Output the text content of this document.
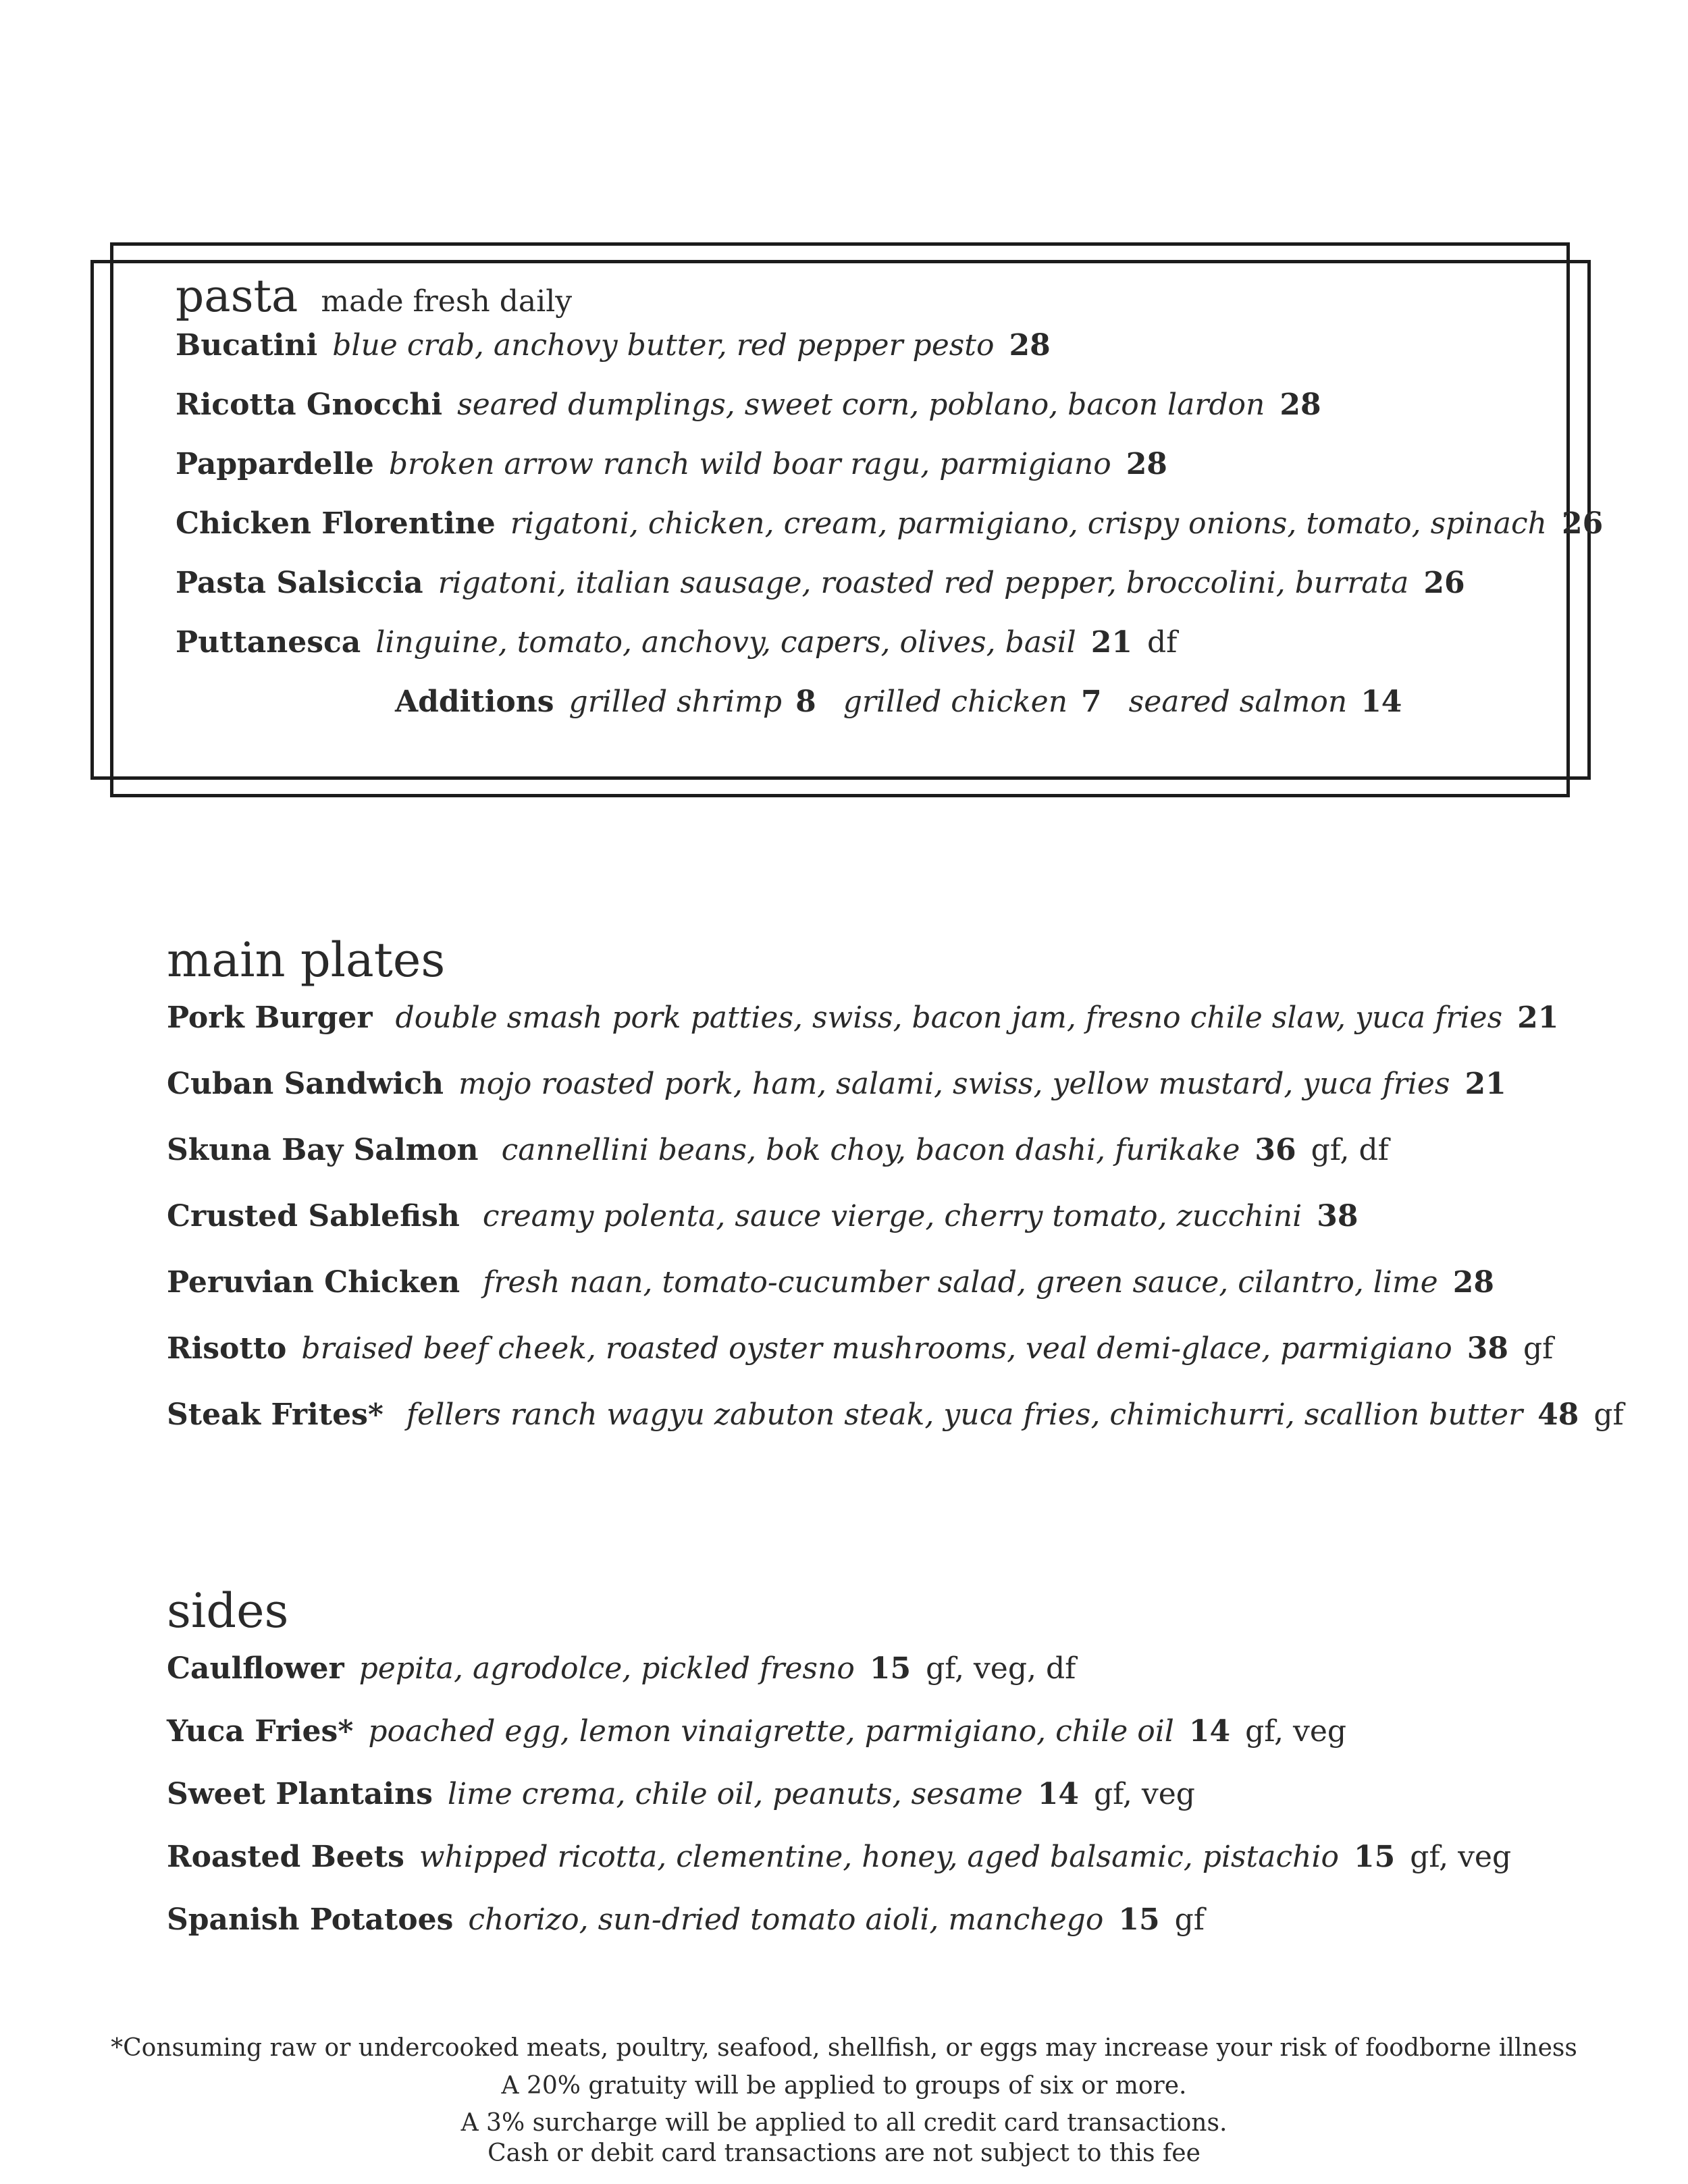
pasta made fresh daily
Bucatini blue crab, anchovy butter, red pepper pesto 28
Ricotta Gnocchi seared dumplings, sweet corn, poblano, bacon lardon 28
Pappardelle broken arrow ranch wild boar ragu, parmigiano 28
Chicken Florentine rigatoni, chicken, cream, parmigiano, crispy onions, tomato, spinach 26
Pasta Salsiccia rigatoni, italian sausage, roasted red pepper, broccolini, burrata 26
Puttanesca linguine, tomato, anchovy, capers, olives, basil 21 df
Additions grilled shrimp 8 grilled chicken 7 seared salmon 14
main plates
Pork Burger double smash pork patties, swiss, bacon jam, fresno chile slaw, yuca fries 21
Cuban Sandwich mojo roasted pork, ham, salami, swiss, yellow mustard, yuca fries 21
Skuna Bay Salmon cannellini beans, bok choy, bacon dashi, furikake 36 gf, df
Crusted Sablefish creamy polenta, sauce vierge, cherry tomato, zucchini 38
Peruvian Chicken fresh naan, tomato-cucumber salad, green sauce, cilantro, lime 28
Risotto braised beef cheek, roasted oyster mushrooms, veal demi-glace, parmigiano 38 gf
Steak Frites* fellers ranch wagyu zabuton steak, yuca fries, chimichurri, scallion butter 48 gf
sides
Caulflower pepita, agrodolce, pickled fresno 15 gf, veg, df
Yuca Fries* poached egg, lemon vinaigrette, parmigiano, chile oil 14 gf, veg
Sweet Plantains lime crema, chile oil, peanuts, sesame 14 gf, veg
Roasted Beets whipped ricotta, clementine, honey, aged balsamic, pistachio 15 gf, veg
Spanish Potatoes chorizo, sun-dried tomato aioli, manchego 15 gf
*Consuming raw or undercooked meats, poultry, seafood, shellfish, or eggs may increase your risk of foodborne illness
A 20% gratuity will be applied to groups of six or more.
A 3% surcharge will be applied to all credit card transactions.
Cash or debit card transactions are not subject to this fee
